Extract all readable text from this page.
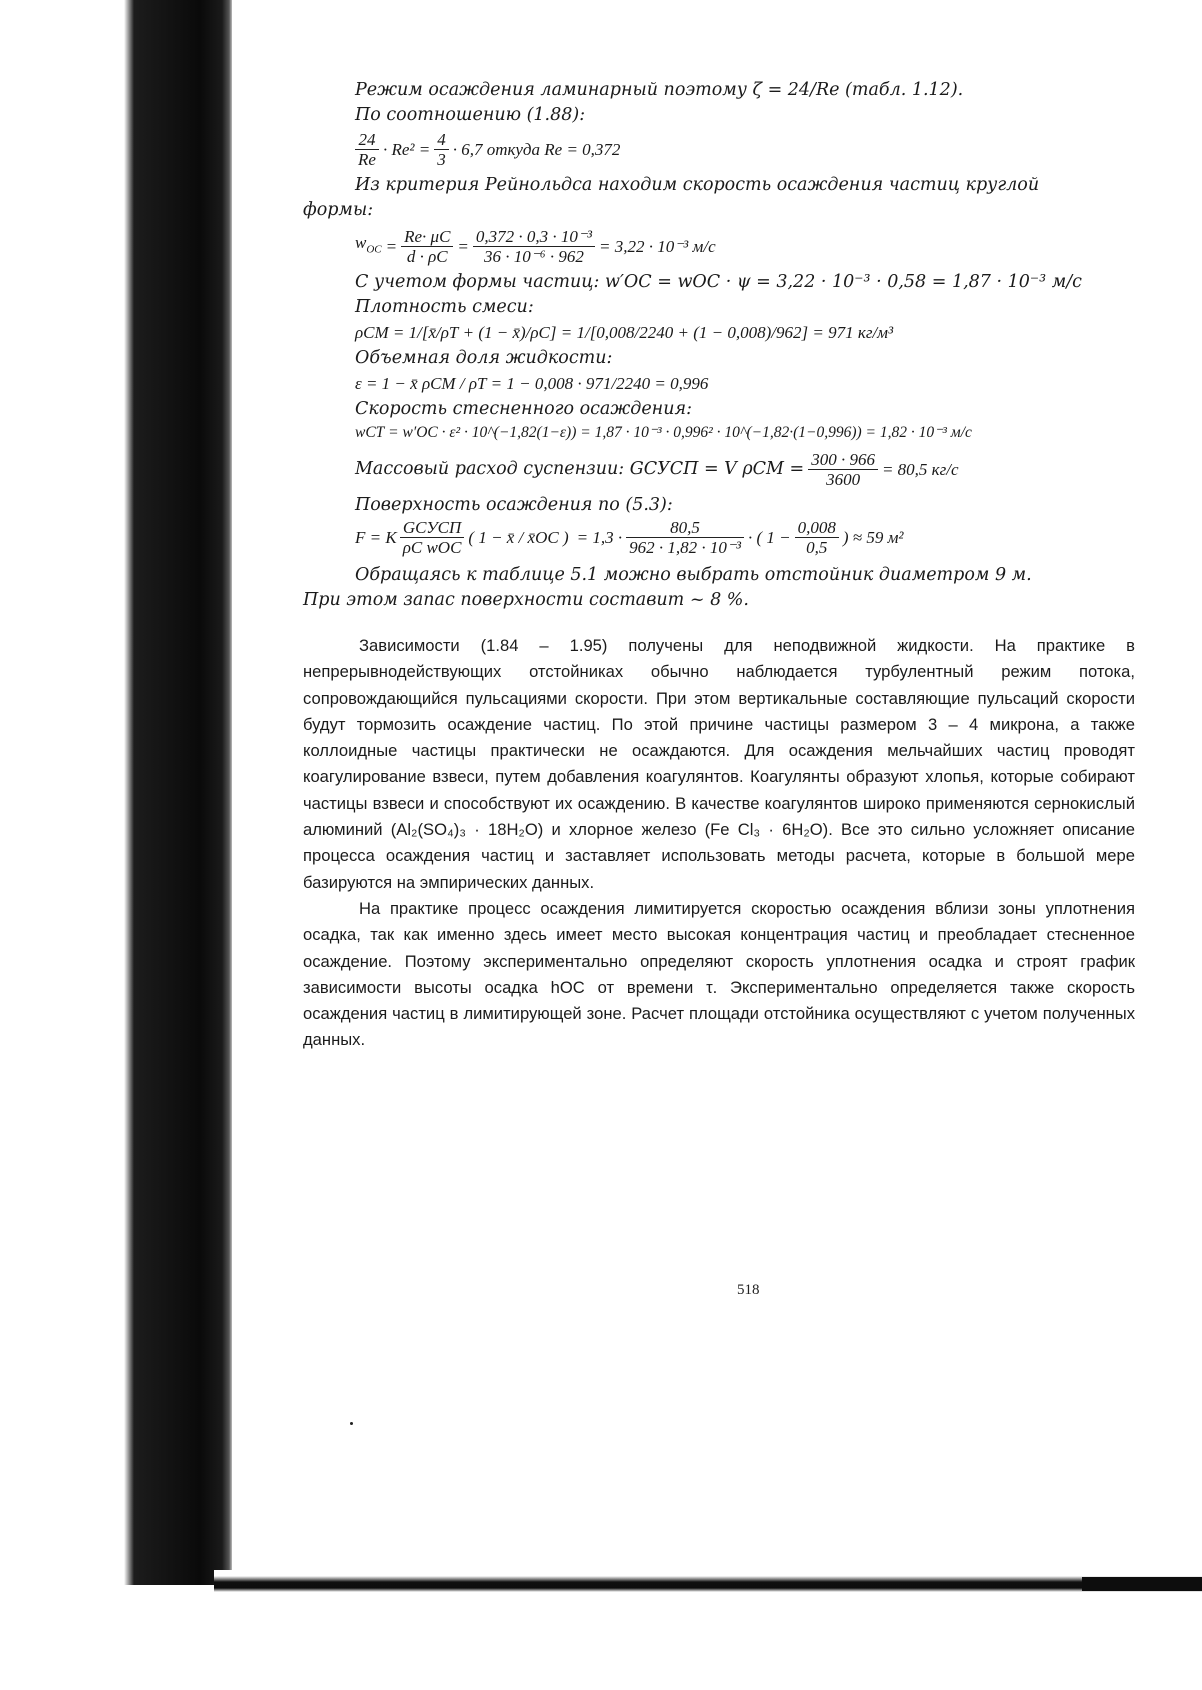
Режим осаждения ламинарный поэтому ζ = 24/Re (табл. 1.12).
По соотношению (1.88):
$\frac{24}{Re} \cdot Re^2 = \frac{4}{3} \cdot 6,7$ откуда Re = 0,372
Из критерия Рейнольдса находим скорость осаждения частиц круглой
формы:
$w_{ОС} = \frac{Re\cdot \mu C}{d \cdot \rho C} = \frac{\text{0,372 · 0,3 · 10⁻³}}{\text{36 · 10⁻⁶ · 962}} = 3,22 \cdot 10^{-3}$ м/с
С учетом формы частиц: w′ОС = wОС · ψ = 3,22 · 10⁻³ · 0,58 = 1,87 · 10⁻³ м/с
Плотность смеси:
ρСМ = 1/[x̄/ρТ + (1 − x̄)/ρС] = 1/[0,008/2240 + (1 − 0,008)/962] = 971 кг/м³
Объемная доля жидкости:
ε = 1 − x̄ ρСМ / ρТ = 1 − 0,008 · 971/2240 = 0,996
Скорость стесненного осаждения:
wСТ = w′ОС · ε² · 10^(−1,82(1−ε)) = 1,87 · 10⁻³ · 0,996² · 10^(−1,82·(1−0,996)) = 1,82 · 10⁻³ м/с
Массовый расход суспензии: GСУСП = V $\rho СМ = \frac{300 \cdot 966}{3600} = 80,5$ кг/с
Поверхность осаждения по (5.3):
F = K $\frac{\text{GСУСП}}{\text{ρC wОС}}$ ( 1 − x̄ / x̄ОС ) = $1,3 \cdot \frac{80,5}{\text{962 · 1,82 · 10⁻³}}$ · ( $1 - \frac{0,008}{0,5}$ ) ≈ 59 м²
Обращаясь к таблице 5.1 можно выбрать отстойник диаметром 9 м.
При этом запас поверхности составит ~ 8 %.

Зависимости (1.84 – 1.95) получены для неподвижной жидкости. На практике в непрерывнодействующих отстойниках обычно наблюдается турбулентный режим потока, сопровождающийся пульсациями скорости. При этом вертикальные составляющие пульсаций скорости будут тормозить осаждение частиц. По этой причине частицы размером 3 – 4 микрона, а также коллоидные частицы практически не осаждаются. Для осаждения мельчайших частиц проводят коагулирование взвеси, путем добавления коагулянтов. Коагулянты образуют хлопья, которые собирают частицы взвеси и способствуют их осаждению. В качестве коагулянтов широко применяются сернокислый алюминий (Al₂(SO₄)₃ · 18H₂O) и хлорное железо (Fe Cl₃ · 6H₂O). Все это сильно усложняет описание процесса осаждения частиц и заставляет использовать методы расчета, которые в большой мере базируются на эмпирических данных.

На практике процесс осаждения лимитируется скоростью осаждения вблизи зоны уплотнения осадка, так как именно здесь имеет место высокая концентрация частиц и преобладает стесненное осаждение. Поэтому экспериментально определяют скорость уплотнения осадка и строят график зависимости высоты осадка hОС от времени τ. Экспериментально определяется также скорость осаждения частиц в лимитирующей зоне. Расчет площади отстойника осуществляют с учетом полученных данных.

518
